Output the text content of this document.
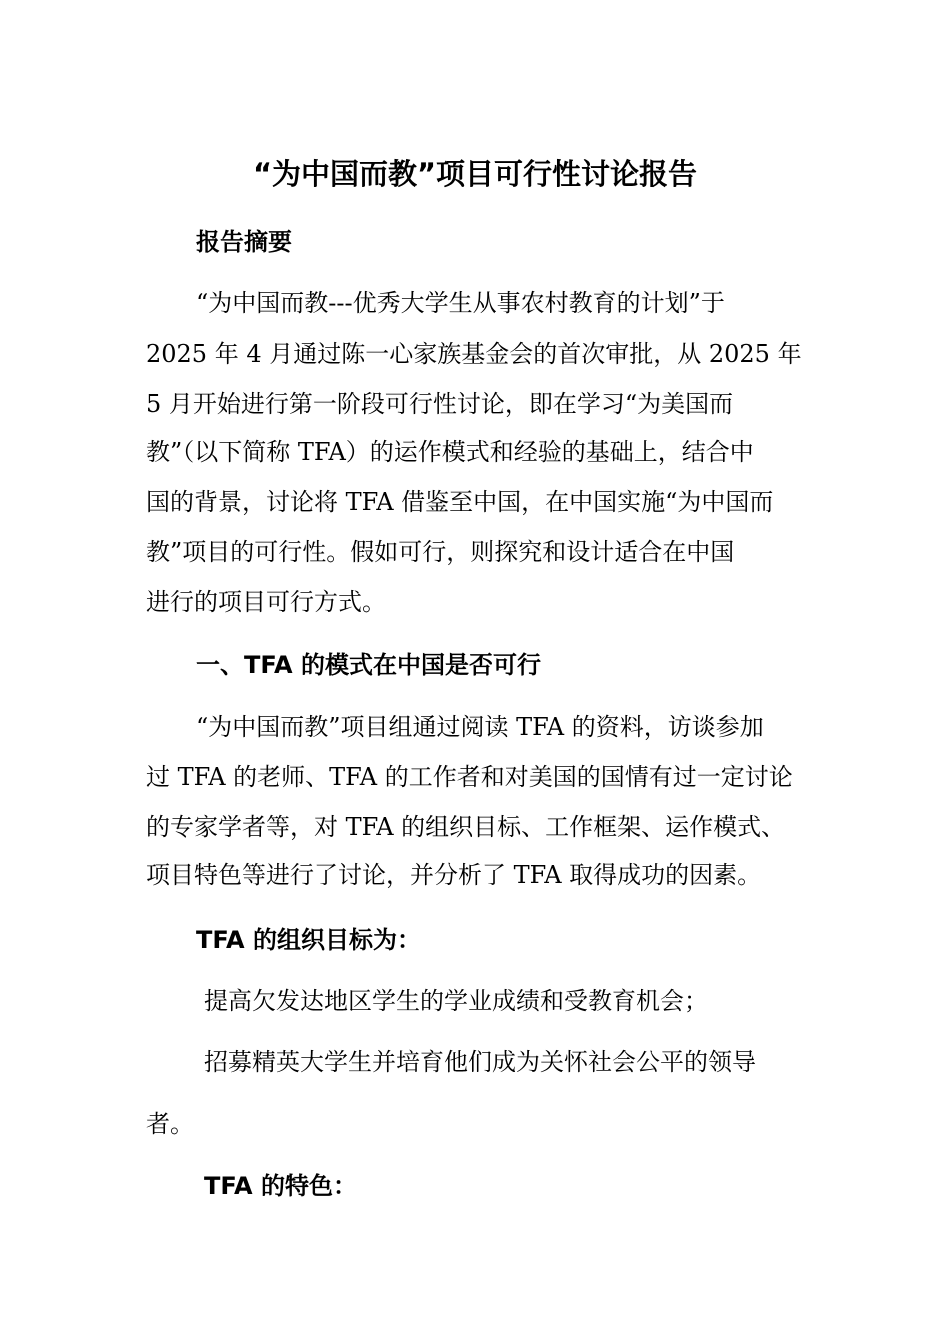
“为中国而教”项目可行性讨论报告
报告摘要
“为中国而教---优秀大学生从事农村教育的计划”于
2025 年 4 月通过陈一心家族基金会的首次审批，从 2025 年
5 月开始进行第一阶段可行性讨论，即在学习“为美国而
教”（以下简称 TFA）的运作模式和经验的基础上，结合中
国的背景，讨论将 TFA 借鉴至中国，在中国实施“为中国而
教”项目的可行性。假如可行，则探究和设计适合在中国
进行的项目可行方式。
一、TFA 的模式在中国是否可行
“为中国而教”项目组通过阅读 TFA 的资料，访谈参加
过 TFA 的老师、TFA 的工作者和对美国的国情有过一定讨论
的专家学者等，对 TFA 的组织目标、工作框架、运作模式、
项目特色等进行了讨论，并分析了 TFA 取得成功的因素。
TFA 的组织目标为：
提高欠发达地区学生的学业成绩和受教育机会；
招募精英大学生并培育他们成为关怀社会公平的领导
者。
TFA 的特色：
